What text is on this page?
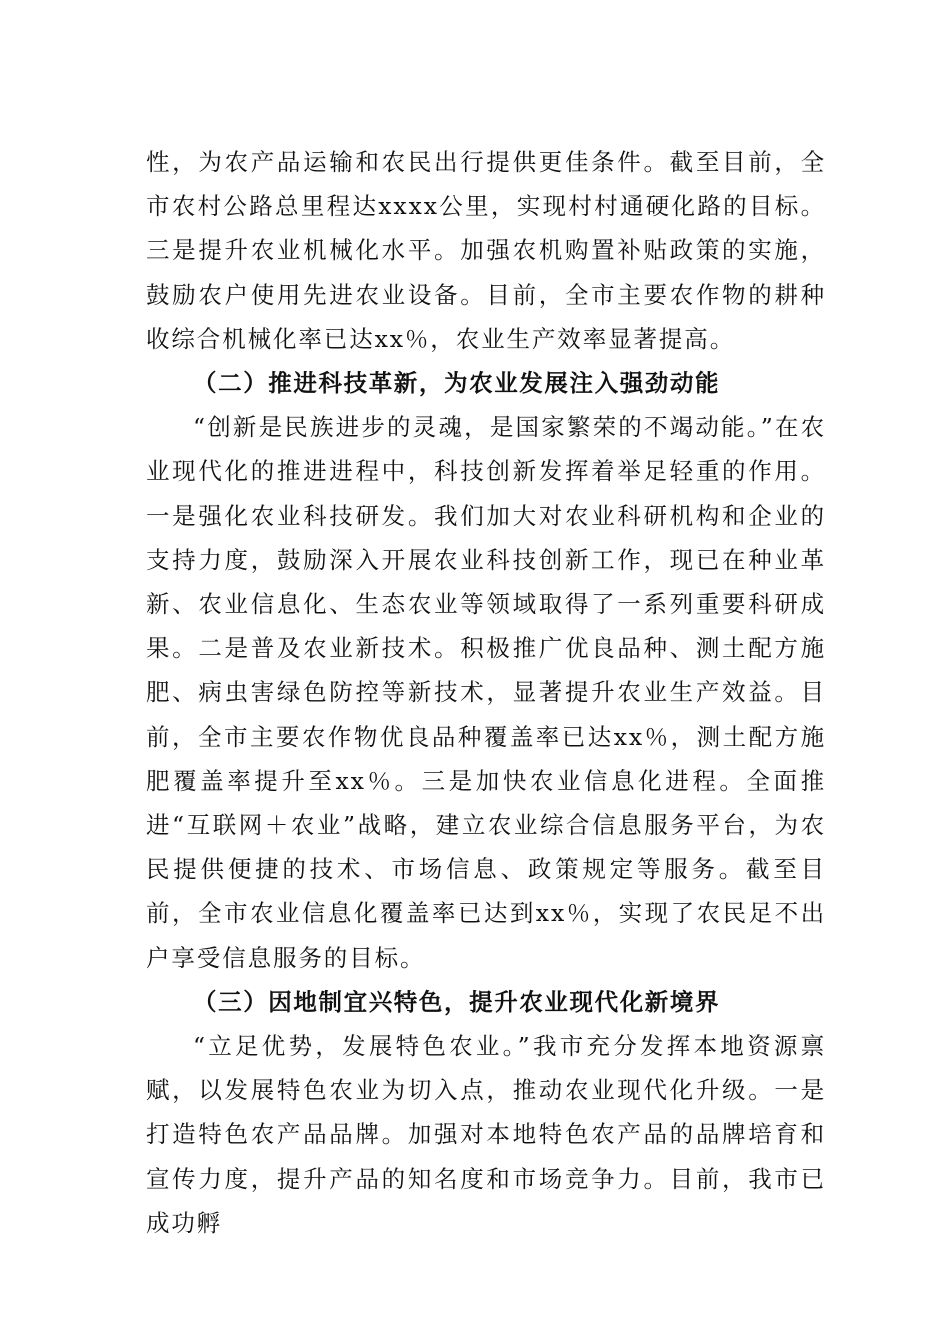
性，为农产品运输和农民出行提供更佳条件。截至目前，全市农村公路总里程达xxxx公里，实现村村通硬化路的目标。三是提升农业机械化水平。加强农机购置补贴政策的实施，鼓励农户使用先进农业设备。目前，全市主要农作物的耕种收综合机械化率已达xx％，农业生产效率显著提高。

（二）推进科技革新，为农业发展注入强劲动能

“创新是民族进步的灵魂，是国家繁荣的不竭动能。”在农业现代化的推进进程中，科技创新发挥着举足轻重的作用。一是强化农业科技研发。我们加大对农业科研机构和企业的支持力度，鼓励深入开展农业科技创新工作，现已在种业革新、农业信息化、生态农业等领域取得了一系列重要科研成果。二是普及农业新技术。积极推广优良品种、测土配方施肥、病虫害绿色防控等新技术，显著提升农业生产效益。目前，全市主要农作物优良品种覆盖率已达xx％，测土配方施肥覆盖率提升至xx％。三是加快农业信息化进程。全面推进“互联网＋农业”战略，建立农业综合信息服务平台，为农民提供便捷的技术、市场信息、政策规定等服务。截至目前，全市农业信息化覆盖率已达到xx％，实现了农民足不出户享受信息服务的目标。

（三）因地制宜兴特色，提升农业现代化新境界

“立足优势，发展特色农业。”我市充分发挥本地资源禀赋，以发展特色农业为切入点，推动农业现代化升级。一是打造特色农产品品牌。加强对本地特色农产品的品牌培育和宣传力度，提升产品的知名度和市场竞争力。目前，我市已成功孵
